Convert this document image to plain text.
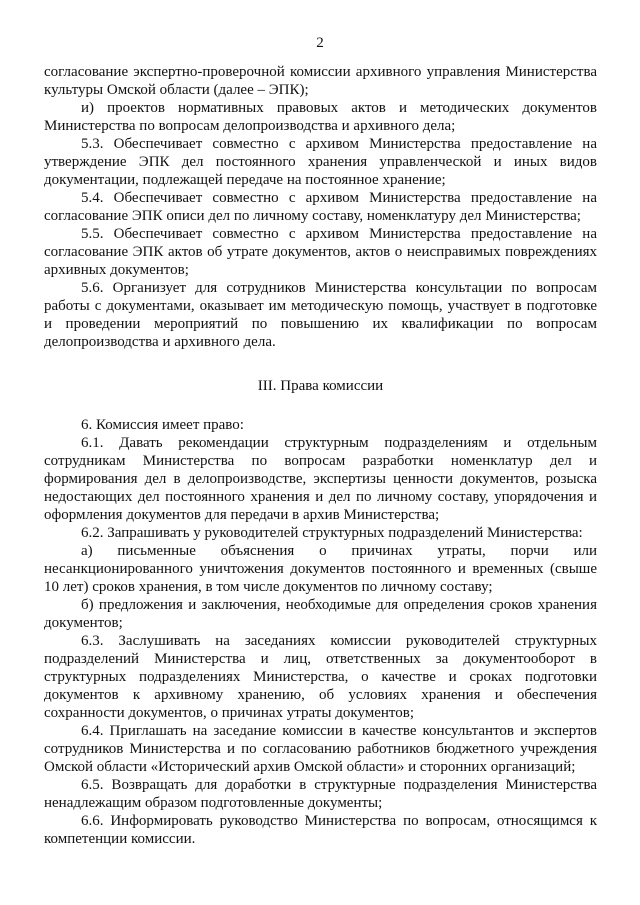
2

согласование экспертно-проверочной комиссии архивного управления Министерства культуры Омской области (далее – ЭПК);

и) проектов нормативных правовых актов и методических документов Министерства по вопросам делопроизводства и архивного дела;

5.3. Обеспечивает совместно с архивом Министерства предоставление на утверждение ЭПК дел постоянного хранения управленческой и иных видов документации, подлежащей передаче на постоянное хранение;

5.4. Обеспечивает совместно с архивом Министерства предоставление на согласование ЭПК описи дел по личному составу, номенклатуру дел Министерства;

5.5. Обеспечивает совместно с архивом Министерства предоставление на согласование ЭПК актов об утрате документов, актов о неисправимых повреждениях архивных документов;

5.6. Организует для сотрудников Министерства консультации по вопросам работы с документами, оказывает им методическую помощь, участвует в подготовке и проведении мероприятий по повышению их квалификации по вопросам делопроизводства и архивного дела.

III. Права комиссии

6. Комиссия имеет право:

6.1. Давать рекомендации структурным подразделениям и отдельным сотрудникам Министерства по вопросам разработки номенклатур дел и формирования дел в делопроизводстве, экспертизы ценности документов, розыска недостающих дел постоянного хранения и дел по личному составу, упорядочения и оформления документов для передачи в архив Министерства;

6.2. Запрашивать у руководителей структурных подразделений Министерства:

а) письменные объяснения о причинах утраты, порчи или несанкционированного уничтожения документов постоянного и временных (свыше 10 лет) сроков хранения, в том числе документов по личному составу;

б) предложения и заключения, необходимые для определения сроков хранения документов;

6.3. Заслушивать на заседаниях комиссии руководителей структурных подразделений Министерства и лиц, ответственных за документооборот в структурных подразделениях Министерства, о качестве и сроках подготовки документов к архивному хранению, об условиях хранения и обеспечения сохранности документов, о причинах утраты документов;

6.4. Приглашать на заседание комиссии в качестве консультантов и экспертов сотрудников Министерства и по согласованию работников бюджетного учреждения Омской области «Исторический архив Омской области» и сторонних организаций;

6.5. Возвращать для доработки в структурные подразделения Министерства ненадлежащим образом подготовленные документы;

6.6. Информировать руководство Министерства по вопросам, относящимся к компетенции комиссии.
